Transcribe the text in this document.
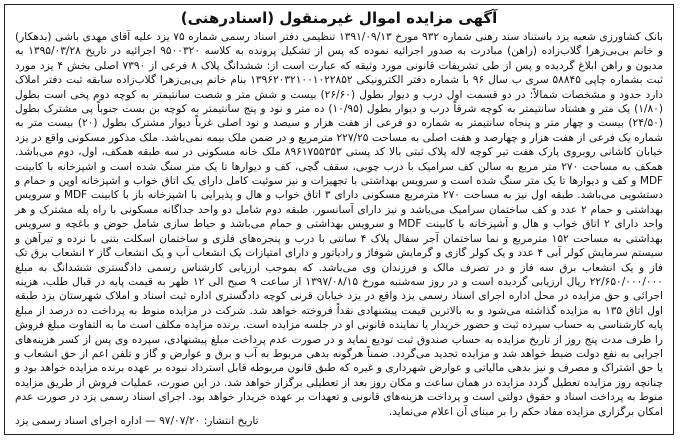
آگهی مزایده اموال غیرمنقول (اسنادرهنی)

بانک کشاورزی شعبه یزد باستناد سند رهنی شماره ۹۳۲ مورخ ۱۳۹۱/۰۹/۱۳ تنظیمی دفتر اسناد رسمی شماره ۷۵ یزد علیه آقای مهدی باشی (بدهکار) و خانم بی‌بی‌زهرا گلاب‌زاده (راهن) مبادرت به صدور اجرائیه نموده که پس از تشکیل پرونده به کلاسه ۹۵۰۰۳۲۰ اجرائیه در تاریخ ۱۳۹۵/۰۳/۲۸ به مدیون و راهن ابلاغ گردیده و پس از طی تشریفات قانونی مورد وثیقه که عبارت است از: ششدانگ پلاک ۸ فرعی از ۷۳۹۰ اصلی بخش ۴ یزد مورد ثبت بشماره چاپی ۵۸۸۴۵ سری ب سال ۹۶ با شماره دفتر الکترونیکی ۱۳۹۶۲۰۳۲۱۰۰۱۰۲۲۸۵۲ بنام خانم بی‌بی‌زهرا گلاب‌زاده سابقه ثبت دفتر املاک دارد حدود و مشخصات شمالاً: در دو قسمت اول درب و دیوار بطول (۲۶/۶۰) بیست و شش متر و شصت سانتیمتر به کوچه دوم پخی است بطول (۱/۸۰) یک متر و هشتاد سانتیمتر به کوچه شرقاً درب و دیوار بطول (۱۰/۹۵) ده متر و نود و پنج سانتیمتر به کوچه بن بست جنوباً پی مشترک بطول (۲۴/۵۰) بیست و چهار متر و پنجاه سانتیمتر به شماره دو فرعی از هفت هزار و سیصد و نود اصلی غرباً دیوار مشترک بطول (۲۰) بیست متر به شماره یک فرعی از هفت هزار و چهارصد و هفت اصلی به مساحت ۲۲۷/۲۵ مترمربع و در ضمن ملک بیمه نمی‌باشد. ملک مذکور مسکونی واقع در یزد خیابان کاشانی روبروی پارک هفت تیر کوچه لاله پلاک ثبتی بالا کد پستی ۸۹۶۱۷۵۵۳۵۳ ملک خانه مسکونی در سه طبقه همکف، اول، دوم می‌باشد. همکف به مساحت ۲۷۰ متر مربع به سالن کف سرامیک با درب چوبی، سقف گچی، کف و دیوارها تا یک متر سنگ شده است و اشپزخانه با کابینت MDF و کف و دیوارها تا یک متر سنگ شده است و سرویس بهداشتی با تجهیزات و نیز سوئیت کامل دارای یک اتاق خواب و اشپزخانه اوپن و حمام و دستشویی می‌باشد. طبقه اول نیز به مساحت ۲۷۰ مترمربع مسکونی دارای ۳ اتاق خواب و هال و پذیرایی با اشپزخانه باز با کابینت MDF و سرویس بهداشتی و حمام ۲ عدد و کف ساختمان سرامیک می‌باشد و نیز دارای آسانسور. طبقه دوم شامل دو واحد جداگانه مسکونی با راه پله مشترک و هر واحد دارای ۲ اتاق خواب و هال و آشپزخانه با کابینت MDF و سرویس بهداشتی و حمام می‌باشد و حیاط سازی شامل حوض و باغچه و سرویس بهداشتی به مساحت ۱۵۲ مترمربع و نما ساختمان آجر سفال پلاک ۴ سانتی با درب و پنجره‌های فلزی و ساختمان اسکلت بتنی با نرده و تیرآهن و سیستم سرمایش کولر آبی ۴ عدد و یک کولر گازی و گرمایش شوفاژ و رادیاتور و دارای امتیازات یک انشعاب آب و یک انشعاب گاز ۲ انشعاب برق تک فاز و یک انشعاب برق سه فاز و در تصرف مالک و فرزندان وی می‌باشد. که بموجب ارزیابی کارشناس رسمی دادگستری ششدانگ به مبلغ ۲۲/۶۵۰/۰۰۰/۰۰۰ ریال ارزیابی گردیده است و در روز سه‌شنبه مورخ ۱۳۹۷/۰۸/۱۵ از ساعت ۹ صبح الی ۱۲ ظهر به قیمت پایه در قبال طلب، هزینه اجرائی و حق مزایده در محل اداره اجرای اسناد رسمی یزد واقع در یزد خیابان قرنی کوچه دادگستری اداره ثبت اسناد و املاک شهرستان یزد طبقه اول اتاق ۱۳۵ به مزایده گذاشته می‌شود و به بالاترین قیمت پیشنهادی نقداً فروخته خواهد شد. شرکت در مزایده منوط به پرداخت ده درصد از مبلغ پایه کارشناسی به حساب سپرده ثبت و حضور خریدار یا نماینده قانونی او در جلسه مزایده است. برنده مزایده مکلف است ما به التفاوت مبلغ فروش را ظرف مدت پنج روز از تاریخ مزایده به حساب صندوق ثبت تودیع نماید و در صورت عدم پرداخت مبلغ پیشنهادی، سپرده وی پس از کسر هزینه‌های اجرایی به نفع دولت ضبط خواهد شد و مزایده تجدید می‌گردد. ضمناً هرگونه بدهی مربوط به آب و برق و عوارض و گاز و تلفن اعم از حق انشعاب و یا حق اشتراک و مصرف و نیز بدهی مالیاتی و عوارض شهرداری و غیره که طبق قانون مربوطه قابل استرداد نبوده بر عهده برنده مزایده خواهد بود و چنانچه روز مزایده تعطیل گردد مزایده در همان ساعت و مکان روز بعد از تعطیلی برگزار خواهد شد. در این صورت، عملیات فروش از طریق مزایده منوط به پرداخت اسناد و حقوق دولتی است و پرداخت هزینه‌های قانونی و تعهدات بر عهده خریدار خواهد بود. اجرای اسناد رسمی یزد در صورت عدم امکان برگزاری مزایده مفاد حکم را بر مبنای آن اعلام می‌نماید.

تاریخ انتشار: ۹۷/۰۷/۲۰ — اداره اجرای اسناد رسمی یزد
